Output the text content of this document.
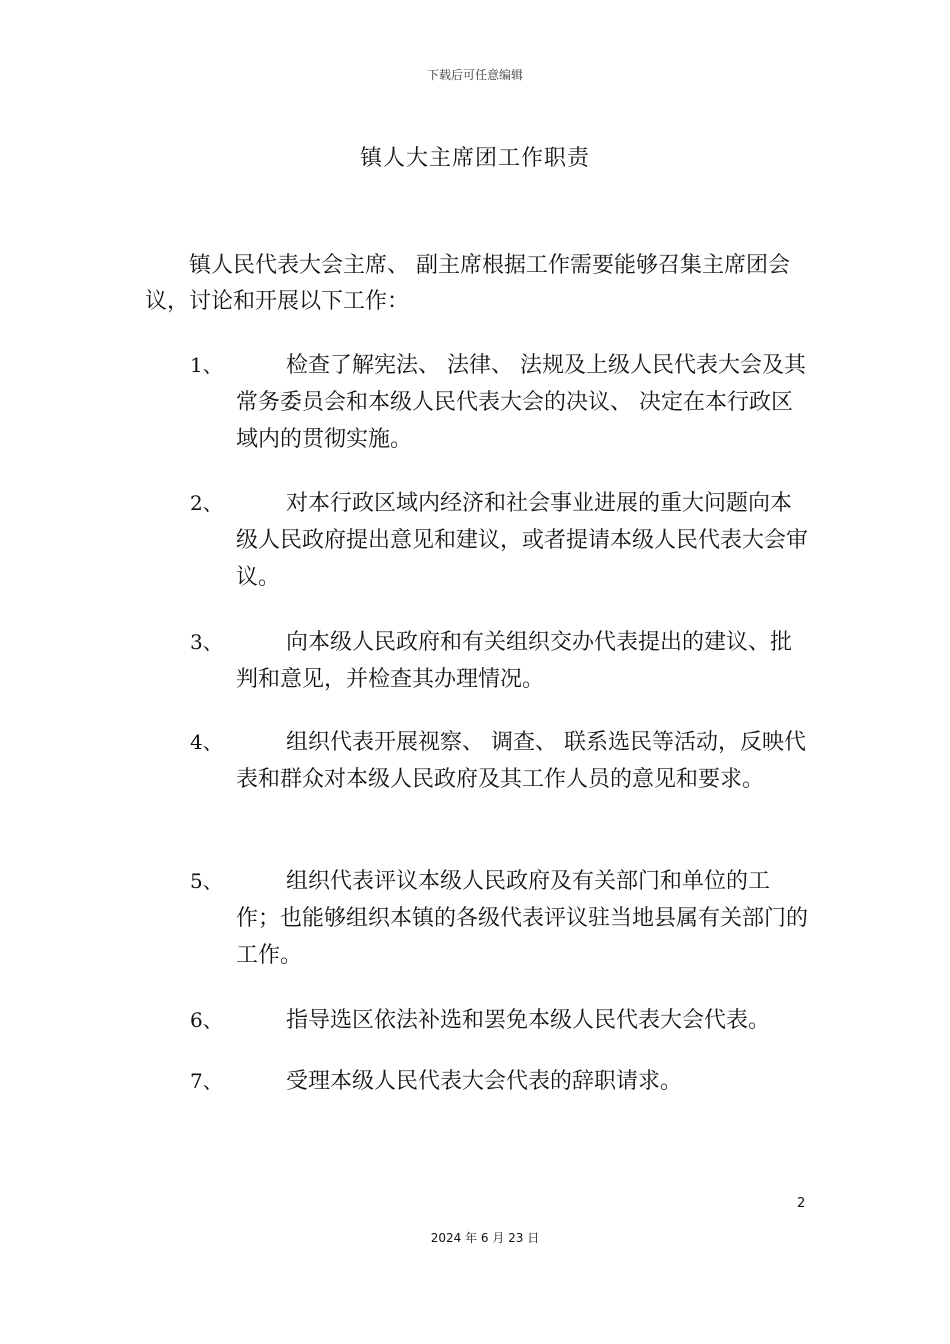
下载后可任意编辑
镇人大主席团工作职责
镇人民代表大会主席、 副主席根据工作需要能够召集主席团会议，讨论和开展以下工作：
1、	检查了解宪法、 法律、 法规及上级人民代表大会及其常务委员会和本级人民代表大会的决议、 决定在本行政区域内的贯彻实施。
2、	对本行政区域内经济和社会事业进展的重大问题向本级人民政府提出意见和建议，或者提请本级人民代表大会审议。
3、	向本级人民政府和有关组织交办代表提出的建议、批判和意见，并检查其办理情况。
4、	组织代表开展视察、 调查、 联系选民等活动，反映代表和群众对本级人民政府及其工作人员的意见和要求。
5、	组织代表评议本级人民政府及有关部门和单位的工作；也能够组织本镇的各级代表评议驻当地县属有关部门的工作。
6、	指导选区依法补选和罢免本级人民代表大会代表。
7、	受理本级人民代表大会代表的辞职请求。
2
2024 年 6 月 23 日
